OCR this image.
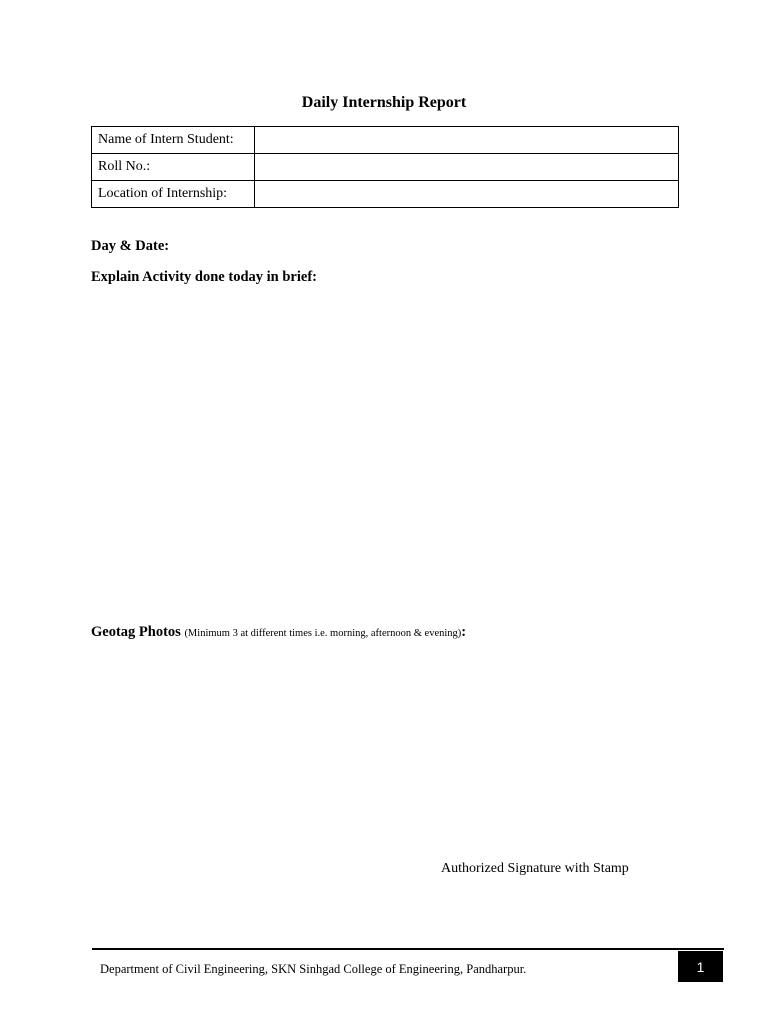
Daily Internship Report
Name of Intern Student:	
Roll No.:	
Location of Internship:	

Day & Date:

Explain Activity done today in brief:

Geotag Photos (Minimum 3 at different times i.e. morning, afternoon & evening):

Authorized Signature with Stamp

Department of Civil Engineering, SKN Sinhgad College of Engineering, Pandharpur.	1
